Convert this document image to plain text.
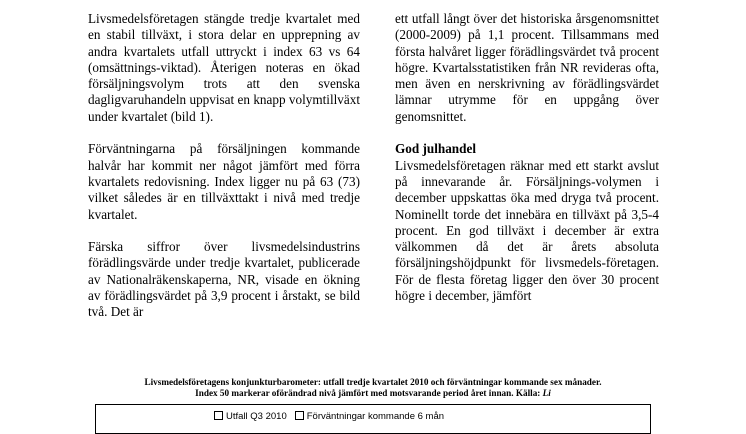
Livsmedelsföretagen stängde tredje kvartalet med en stabil tillväxt, i stora delar en upprepning av andra kvartalets utfall uttryckt i index 63 vs 64 (omsättnings-viktad). Återigen noteras en ökad försäljningsvolym trots att den svenska dagligvaruhandeln uppvisat en knapp volymtillväxt under kvartalet (bild 1).

Förväntningarna på försäljningen kommande halvår har kommit ner något jämfört med förra kvartalets redovisning. Index ligger nu på 63 (73) vilket således är en tillväxttakt i nivå med tredje kvartalet.

Färska siffror över livsmedelsindustrins förädlingsvärde under tredje kvartalet, publicerade av Nationalräkenskaperna, NR, visade en ökning av förädlingsvärdet på 3,9 procent i årstakt, se bild två. Det är

ett utfall långt över det historiska årsgenomsnittet (2000-2009) på 1,1 procent. Tillsammans med första halvåret ligger förädlingsvärdet två procent högre. Kvartalsstatistiken från NR revideras ofta, men även en nerskrivning av förädlingsvärdet lämnar utrymme för en uppgång över genomsnittet.

God julhandel

Livsmedelsföretagen räknar med ett starkt avslut på innevarande år. Försäljnings-volymen i december uppskattas öka med dryga två procent. Nominellt torde det innebära en tillväxt på 3,5-4 procent. En god tillväxt i december är extra välkommen då det är årets absoluta försäljningshöjdpunkt för livsmedels-företagen. För de flesta företag ligger den över 30 procent högre i december, jämfört

Livsmedelsföretagens konjunkturbarometer: utfall tredje kvartalet 2010 och förväntningar kommande sex månader.
Index 50 markerar oförändrad nivå jämfört med motsvarande period året innan. Källa: Li
Utfall Q3 2010 Förväntningar kommande 6 mån
